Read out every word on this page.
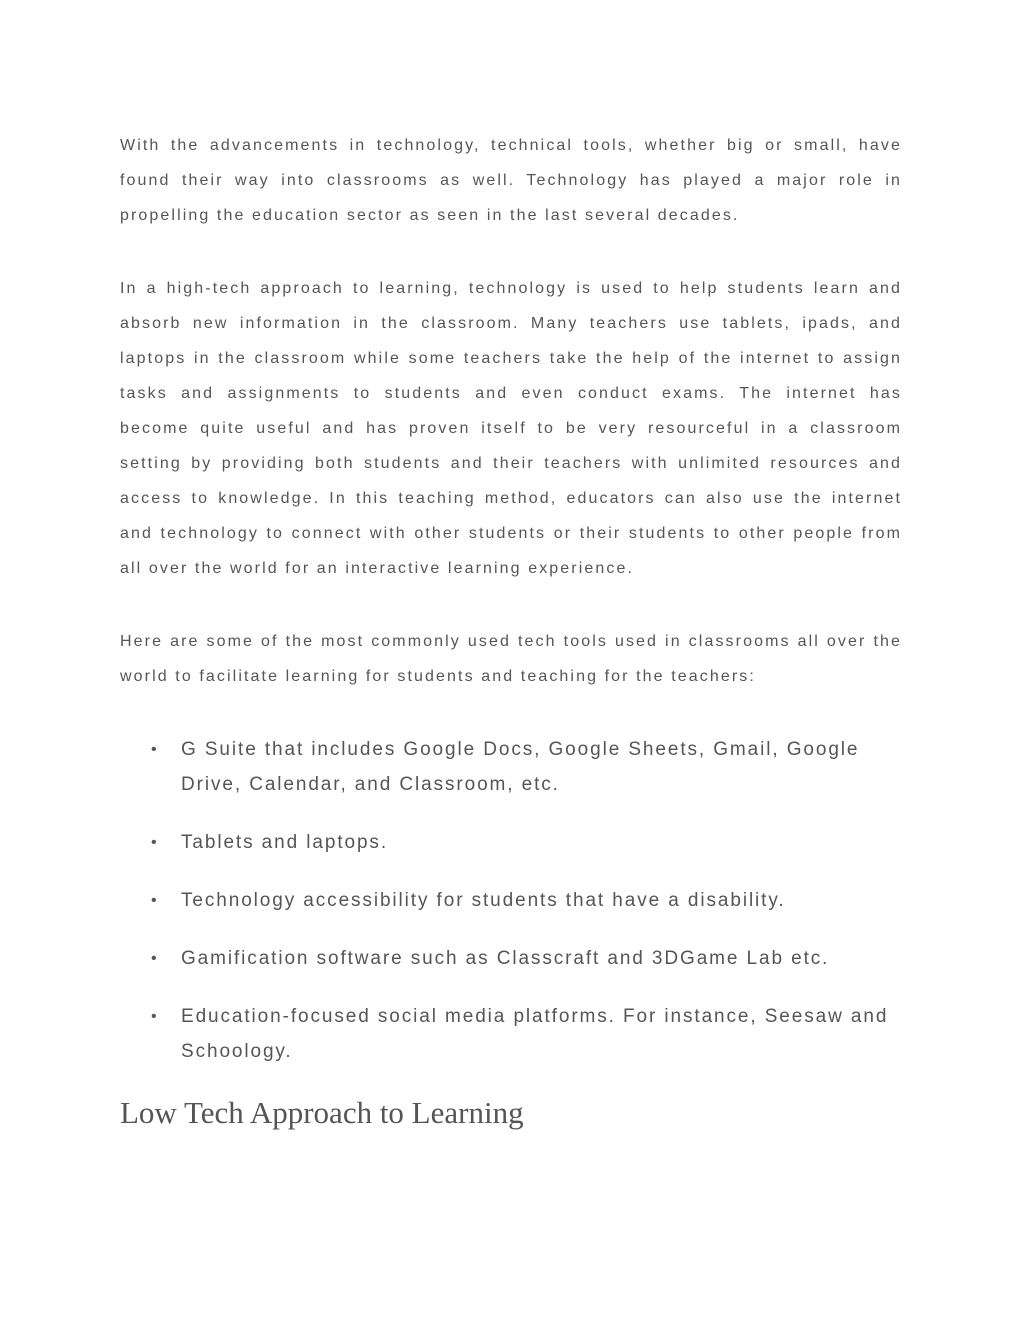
With the advancements in technology, technical tools, whether big or small, have found their way into classrooms as well. Technology has played a major role in propelling the education sector as seen in the last several decades.

In a high-tech approach to learning, technology is used to help students learn and absorb new information in the classroom. Many teachers use tablets, ipads, and laptops in the classroom while some teachers take the help of the internet to assign tasks and assignments to students and even conduct exams. The internet has become quite useful and has proven itself to be very resourceful in a classroom setting by providing both students and their teachers with unlimited resources and access to knowledge. In this teaching method, educators can also use the internet and technology to connect with other students or their students to other people from all over the world for an interactive learning experience.

Here are some of the most commonly used tech tools used in classrooms all over the world to facilitate learning for students and teaching for the teachers:

• G Suite that includes Google Docs, Google Sheets, Gmail, Google Drive, Calendar, and Classroom, etc.
• Tablets and laptops.
• Technology accessibility for students that have a disability.
• Gamification software such as Classcraft and 3DGame Lab etc.
• Education-focused social media platforms. For instance, Seesaw and Schoology.
Low Tech Approach to Learning
